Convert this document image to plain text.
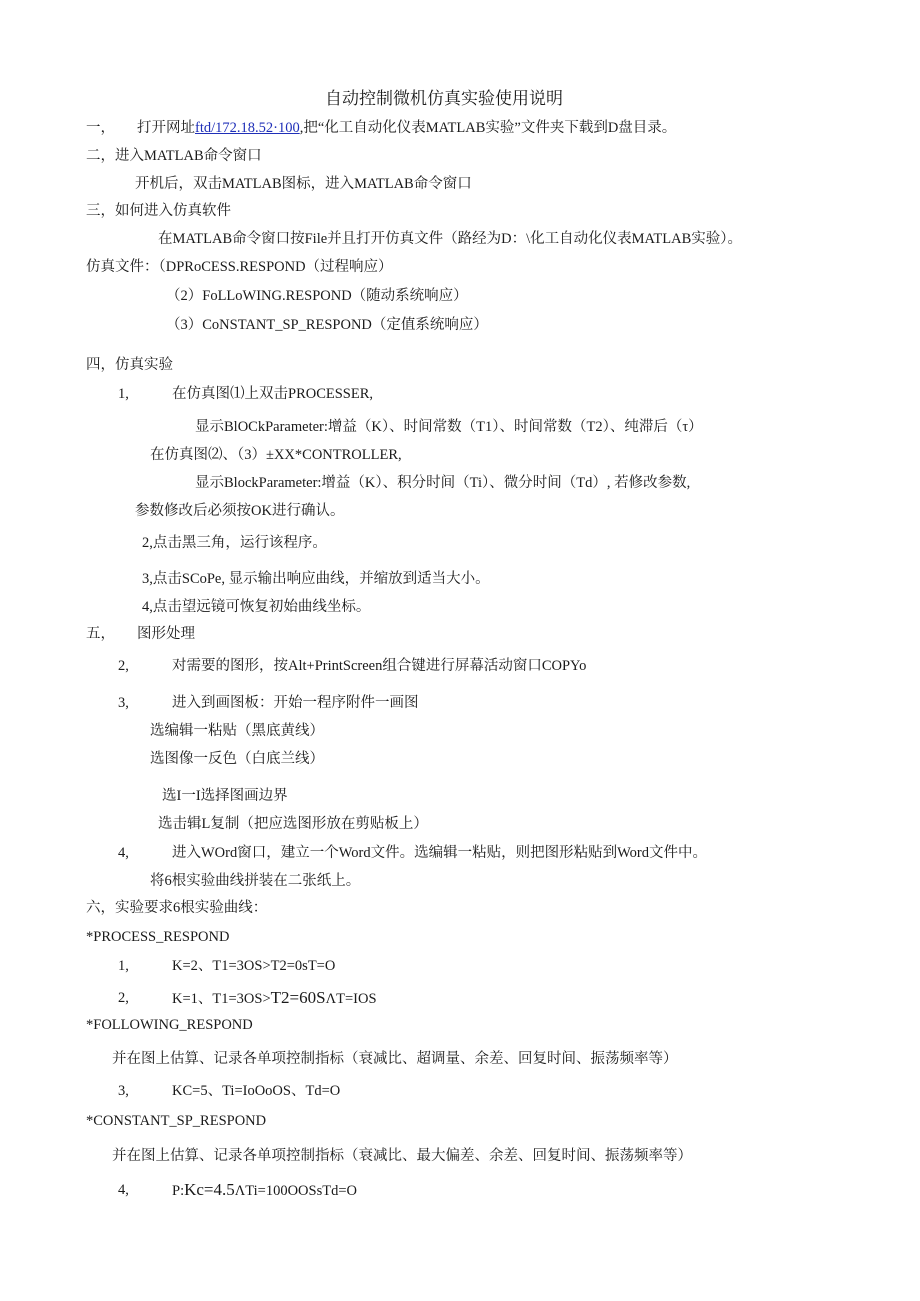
自动控制微机仿真实验使用说明
一， 打开网址ftd/172.18.52·100,把“化工自动化仪表MATLAB实验”文件夹下载到D盘目录。
二，进入MATLAB命令窗口
开机后，双击MATLAB图标，进入MATLAB命令窗口
三，如何进入仿真软件
在MATLAB命令窗口按File并且打开仿真文件（路经为D：\化工自动化仪表MATLAB实验）。
仿真文件：（DPRoCESS.RESPOND（过程响应）
（2）FoLLoWING.RESPOND（随动系统响应）
（3）CoNSTANT_SP_RESPOND（定值系统响应）
四，仿真实验
1,	在仿真图⑴上双击PROCESSER,
显示BlOCkParameter:增益（K）、时间常数（T1）、时间常数（T2）、纯滞后（τ）
在仿真图⑵、（3）±XX*CONTROLLER,
显示BlockParameter:增益（K）、积分时间（Ti）、微分时间（Td）, 若修改参数,
参数修改后必须按OK进行确认。
2,点击黑三角，运行该程序。
3,点击SCoPe, 显示输出响应曲线，并缩放到适当大小。
4,点击望远镜可恢复初始曲线坐标。
五， 图形处理
2,	对需要的图形，按Alt+PrintScreen组合键进行屏幕活动窗口COPYo
3,	进入到画图板：开始一程序附件一画图
选编辑一粘贴（黑底黄线）
选图像一反色（白底兰线）
选I一I选择图画边界
选击辑L复制（把应选图形放在剪贴板上）
4,	进入WOrd窗口，建立一个Word文件。选编辑一粘贴，则把图形粘贴到Word文件中。
将6根实验曲线拼装在二张纸上。
六，实验要求6根实验曲线：
*PROCESS_RESPOND
1,	K=2、T1=3OS>T2=0sT=O
2,	K=1、T1=3OS>T2=60SΛT=IOS
*FOLLOWING_RESPOND
并在图上估算、记录各单项控制指标（衰减比、超调量、余差、回复时间、振荡频率等）
3,	KC=5、Ti=IoOoOS、Td=O
*CONSTANT_SP_RESPOND
并在图上估算、记录各单项控制指标（衰减比、最大偏差、余差、回复时间、振荡频率等）
4,	P:Kc=4.5ΛTi=100OOSsTd=O
